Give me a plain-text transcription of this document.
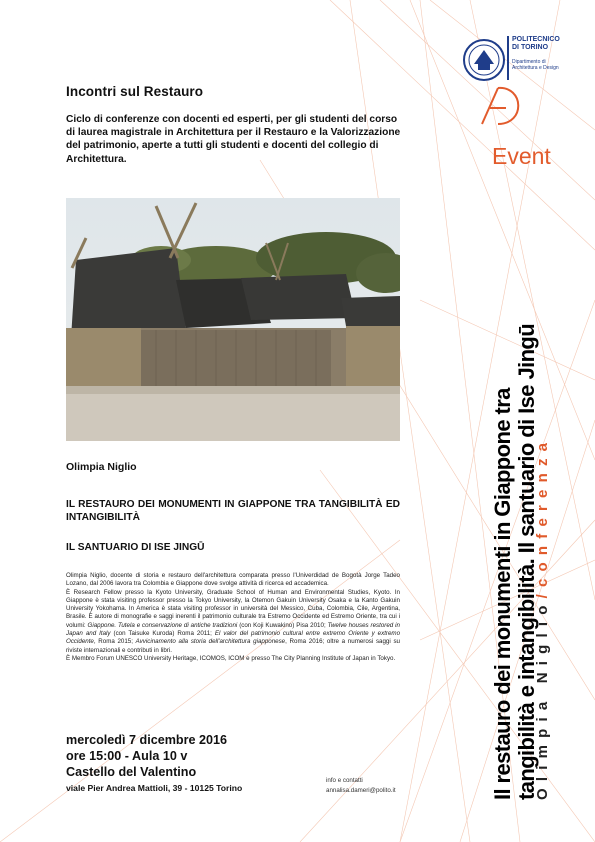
POLITECNICO
DI TORINO
Dipartimento di
Architettura e Design
Event
Incontri sul Restauro
Ciclo di conferenze con docenti ed esperti, per gli studenti del corso di laurea magistrale in Architettura per il Restauro e la Valorizzazione del patrimonio, aperte a tutti gli studenti e docenti del collegio di Architettura.
Olimpia Niglio
IL RESTAURO DEI MONUMENTI IN GIAPPONE TRA TANGIBILITÀ ED INTANGIBILITÀ
IL SANTUARIO DI ISE JINGŪ
Olimpia Niglio, docente di storia e restauro dell'architettura comparata presso l'Univerdidad de Bogotà Jorge Tadeo Lozano, dal 2006 lavora tra Colombia e Giappone dove svolge attività di ricerca ed accademica.
È Research Fellow presso la Kyoto University, Graduate School of Human and Environmental Studies, Kyoto. In Giappone è stata visiting professor presso la Tokyo University, la Otemon Gakuin University Osaka e la Kanto Gakuin University Yokohama. In America è stata visiting professor in università del Messico, Cuba, Colombia, Cile, Argentina, Brasile. È autore di monografie e saggi inerenti il patrimonio culturale tra Estremo Occidente ed Estremo Oriente, tra cui i volumi: Giappone. Tutela e conservazione di antiche tradizioni (con Koji Kuwakino) Pisa 2010; Twelve houses restored in Japan and Italy (con Taisuke Kuroda) Roma 2011; El valor del patrimonio cultural entre extremo Oriente y extremo Occidente, Roma 2015; Avvicinamento alla storia dell'architettura giapponese, Roma 2016; oltre a numerosi saggi su riviste internazionali e contributi in libri.
È Membro Forum UNESCO University Heritage, ICOMOS, ICOM e presso The City Planning Institute of Japan in Tokyo.
mercoledì 7 dicembre 2016
ore 15:00 - Aula 10 v
Castello del Valentino
viale Pier Andrea Mattioli, 39 - 10125 Torino
info e contatti
annalisa.dameri@polito.it	Il restauro dei monumenti in Giappone tra tangibilità e intangibilità. Il santuario di Ise Jingū
Olimpia Niglio/conferenza
